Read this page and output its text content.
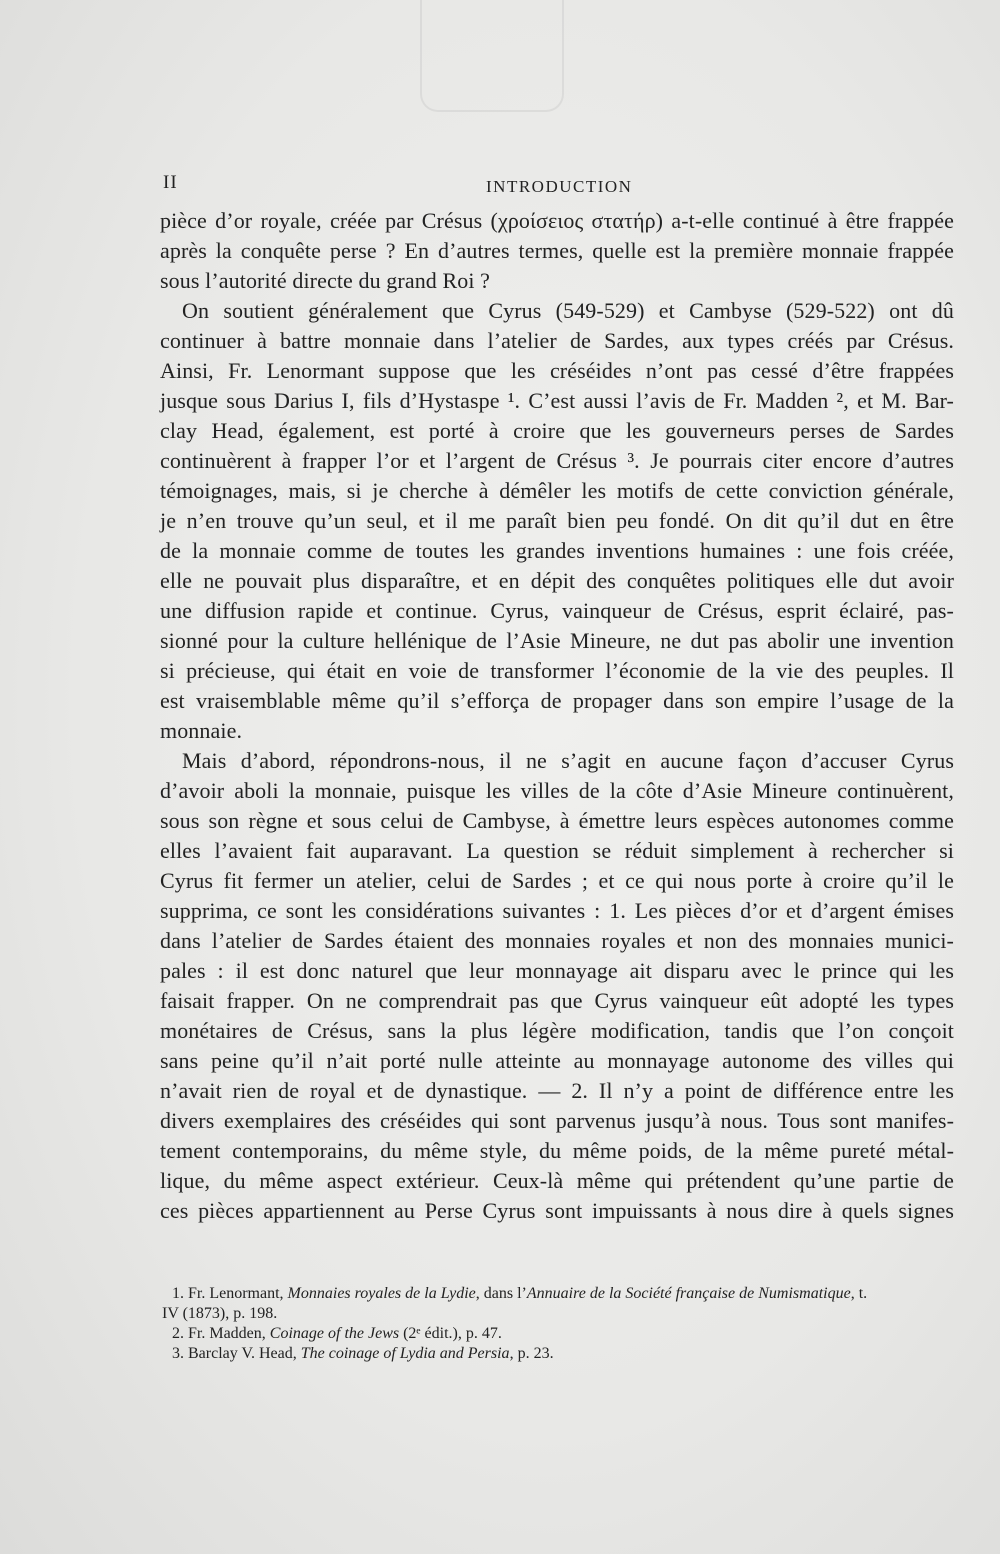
II	INTRODUCTION
pièce d’or royale, créée par Crésus (χροίσειος στατήρ) a-t-elle continué à être frappée
après la conquête perse ? En d’autres termes, quelle est la première monnaie frappée
sous l’autorité directe du grand Roi ?
On soutient généralement que Cyrus (549-529) et Cambyse (529-522) ont dû
continuer à battre monnaie dans l’atelier de Sardes, aux types créés par Crésus.
Ainsi, Fr. Lenormant suppose que les créséides n’ont pas cessé d’être frappées
jusque sous Darius I, fils d’Hystaspe ¹. C’est aussi l’avis de Fr. Madden ², et M. Bar-
clay Head, également, est porté à croire que les gouverneurs perses de Sardes
continuèrent à frapper l’or et l’argent de Crésus ³. Je pourrais citer encore d’autres
témoignages, mais, si je cherche à démêler les motifs de cette conviction générale,
je n’en trouve qu’un seul, et il me paraît bien peu fondé. On dit qu’il dut en être
de la monnaie comme de toutes les grandes inventions humaines : une fois créée,
elle ne pouvait plus disparaître, et en dépit des conquêtes politiques elle dut avoir
une diffusion rapide et continue. Cyrus, vainqueur de Crésus, esprit éclairé, pas-
sionné pour la culture hellénique de l’Asie Mineure, ne dut pas abolir une invention
si précieuse, qui était en voie de transformer l’économie de la vie des peuples. Il
est vraisemblable même qu’il s’efforça de propager dans son empire l’usage de la
monnaie.
Mais d’abord, répondrons-nous, il ne s’agit en aucune façon d’accuser Cyrus
d’avoir aboli la monnaie, puisque les villes de la côte d’Asie Mineure continuèrent,
sous son règne et sous celui de Cambyse, à émettre leurs espèces autonomes comme
elles l’avaient fait auparavant. La question se réduit simplement à rechercher si
Cyrus fit fermer un atelier, celui de Sardes ; et ce qui nous porte à croire qu’il le
supprima, ce sont les considérations suivantes : 1. Les pièces d’or et d’argent émises
dans l’atelier de Sardes étaient des monnaies royales et non des monnaies munici-
pales : il est donc naturel que leur monnayage ait disparu avec le prince qui les
faisait frapper. On ne comprendrait pas que Cyrus vainqueur eût adopté les types
monétaires de Crésus, sans la plus légère modification, tandis que l’on conçoit
sans peine qu’il n’ait porté nulle atteinte au monnayage autonome des villes qui
n’avait rien de royal et de dynastique. — 2. Il n’y a point de différence entre les
divers exemplaires des créséides qui sont parvenus jusqu’à nous. Tous sont manifes-
tement contemporains, du même style, du même poids, de la même pureté métal-
lique, du même aspect extérieur. Ceux-là même qui prétendent qu’une partie de
ces pièces appartiennent au Perse Cyrus sont impuissants à nous dire à quels signes
1. Fr. Lenormant, Monnaies royales de la Lydie, dans l’Annuaire de la Société française de Numismatique, t.
IV (1873), p. 198.
2. Fr. Madden, Coinage of the Jews (2ᵉ édit.), p. 47.
3. Barclay V. Head, The coinage of Lydia and Persia, p. 23.
